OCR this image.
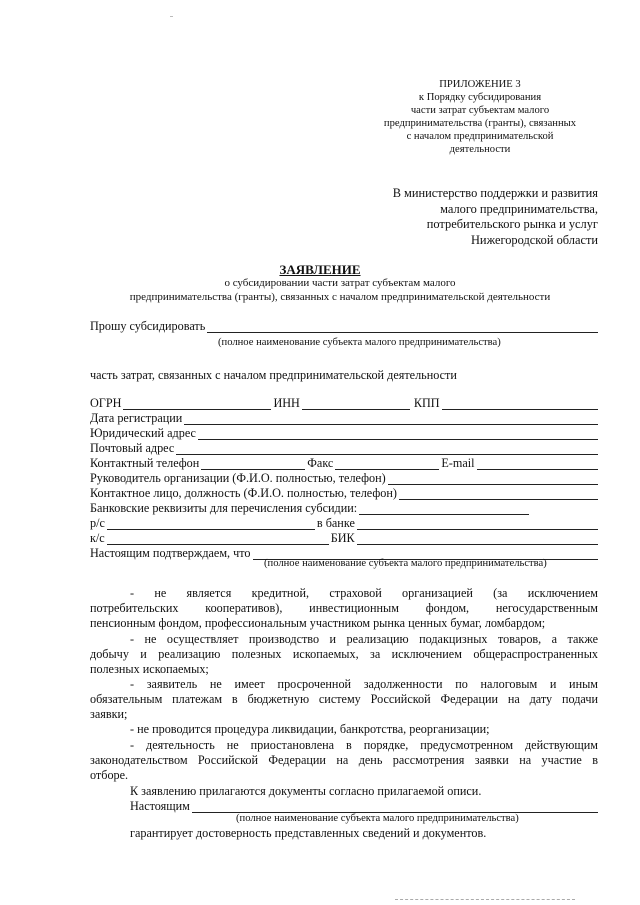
ПРИЛОЖЕНИЕ 3
к Порядку субсидирования
части затрат субъектам малого
предпринимательства (гранты), связанных
с началом предпринимательской
деятельности
В министерство поддержки и развития
малого предпринимательства,
потребительского рынка и услуг
Нижегородской области
ЗАЯВЛЕНИЕ
о субсидировании части затрат субъектам малого
предпринимательства (гранты), связанных с началом предпринимательской деятельности
Прошу субсидировать
(полное наименование субъекта малого предпринимательства)
часть затрат, связанных с началом предпринимательской деятельности
ОГРН	ИНН	КПП
Дата регистрации
Юридический адрес
Почтовый адрес
Контактный телефон	Факс	E-mail
Руководитель организации (Ф.И.О. полностью, телефон)
Контактное лицо, должность (Ф.И.О. полностью, телефон)
Банковские реквизиты для перечисления субсидии:
р/с	в банке
к/с	БИК
Настоящим подтверждаем, что
(полное наименование субъекта малого предпринимательства)
- не является кредитной, страховой организацией (за исключением
потребительских кооперативов), инвестиционным фондом, негосударственным
пенсионным фондом, профессиональным участником рынка ценных бумаг, ломбардом;
- не осуществляет производство и реализацию подакцизных товаров, а также
добычу и реализацию полезных ископаемых, за исключением общераспространенных
полезных ископаемых;
- заявитель не имеет просроченной задолженности по налоговым и иным
обязательным платежам в бюджетную систему Российской Федерации на дату подачи
заявки;
- не проводится процедура ликвидации, банкротства, реорганизации;
- деятельность не приостановлена в порядке, предусмотренном действующим
законодательством Российской Федерации на день рассмотрения заявки на участие в
отборе.
К заявлению прилагаются документы согласно прилагаемой описи.
Настоящим
(полное наименование субъекта малого предпринимательства)
гарантирует достоверность представленных сведений и документов.
